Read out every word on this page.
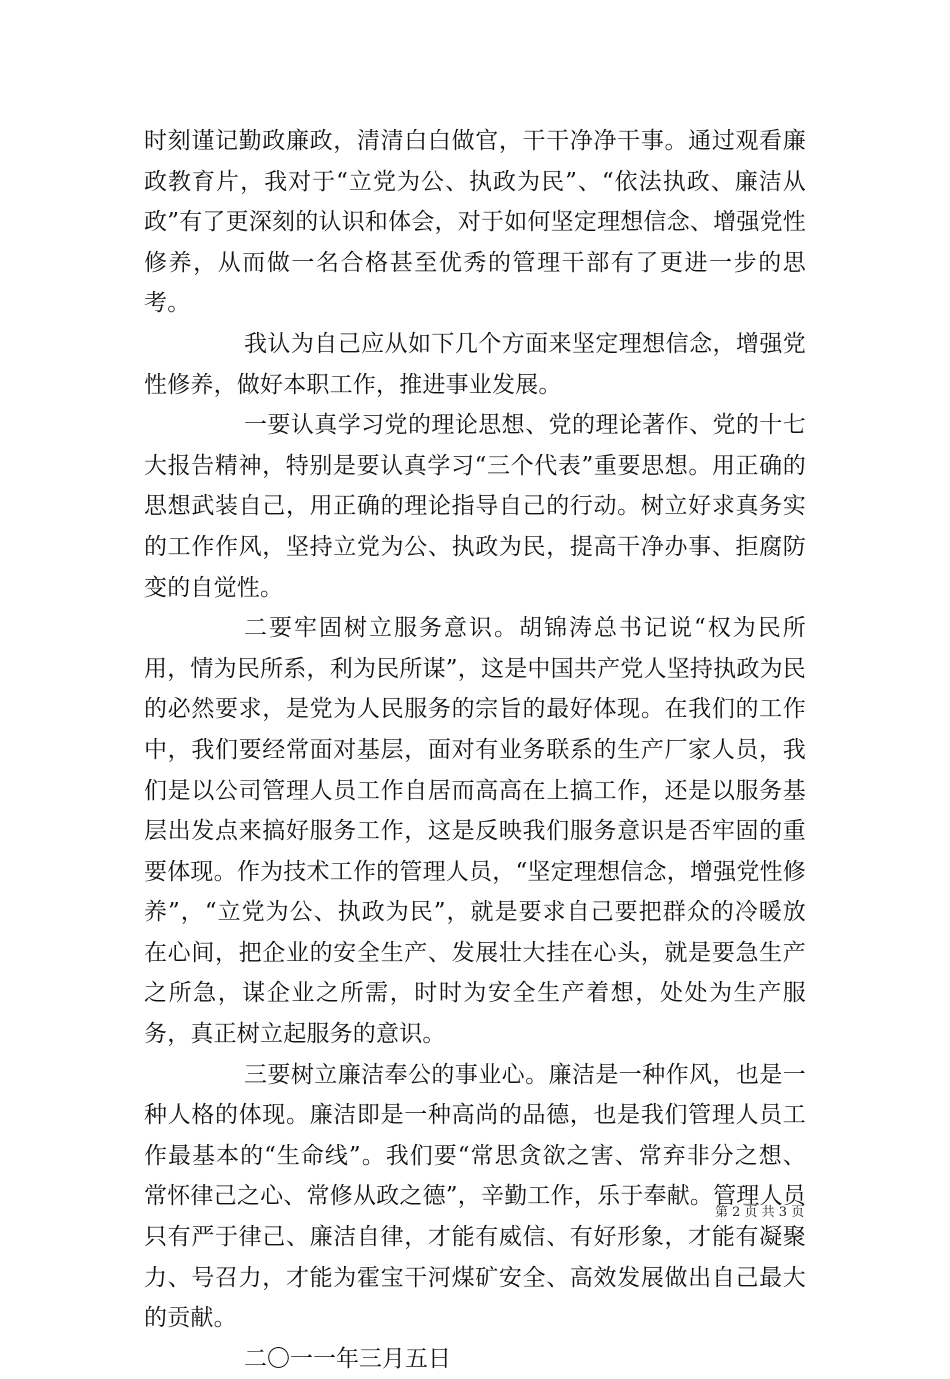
时刻谨记勤政廉政，清清白白做官，干干净净干事。通过观看廉政教育片，我对于“立党为公、执政为民”、“依法执政、廉洁从政”有了更深刻的认识和体会，对于如何坚定理想信念、增强党性修养，从而做一名合格甚至优秀的管理干部有了更进一步的思考。

我认为自己应从如下几个方面来坚定理想信念，增强党性修养，做好本职工作，推进事业发展。

一要认真学习党的理论思想、党的理论著作、党的十七大报告精神，特别是要认真学习“三个代表”重要思想。用正确的思想武装自己，用正确的理论指导自己的行动。树立好求真务实的工作作风，坚持立党为公、执政为民，提高干净办事、拒腐防变的自觉性。

二要牢固树立服务意识。胡锦涛总书记说“权为民所用，情为民所系，利为民所谋”，这是中国共产党人坚持执政为民的必然要求，是党为人民服务的宗旨的最好体现。在我们的工作中，我们要经常面对基层，面对有业务联系的生产厂家人员，我们是以公司管理人员工作自居而高高在上搞工作，还是以服务基层出发点来搞好服务工作，这是反映我们服务意识是否牢固的重要体现。作为技术工作的管理人员，“坚定理想信念，增强党性修养”，“立党为公、执政为民”，就是要求自己要把群众的冷暖放在心间，把企业的安全生产、发展壮大挂在心头，就是要急生产之所急，谋企业之所需，时时为安全生产着想，处处为生产服务，真正树立起服务的意识。

三要树立廉洁奉公的事业心。廉洁是一种作风，也是一种人格的体现。廉洁即是一种高尚的品德，也是我们管理人员工作最基本的“生命线”。我们要“常思贪欲之害、常弃非分之想、常怀律己之心、常修从政之德”，辛勤工作，乐于奉献。管理人员只有严于律己、廉洁自律，才能有威信、有好形象，才能有凝聚力、号召力，才能为霍宝干河煤矿安全、高效发展做出自己最大的贡献。

二〇一一年三月五日

第 2 页 共 3 页
